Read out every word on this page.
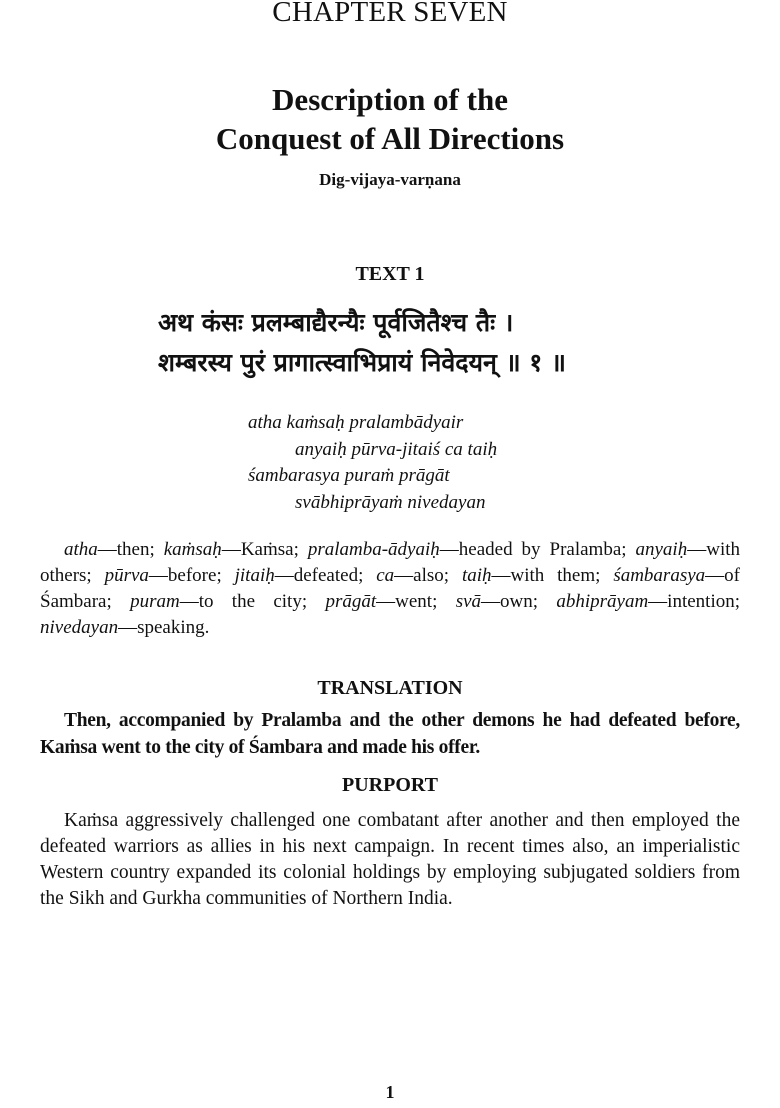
CHAPTER SEVEN
Description of the
Conquest of All Directions
Dig-vijaya-varṇana
TEXT 1
अथ कंसः प्रलम्बाद्यैरन्यैः पूर्वजितैश्च तैः ।
शम्बरस्य पुरं प्रागात्स्वाभिप्रायं निवेदयन् ॥ १ ॥
atha kaṁsaḥ pralambādyair
anyaiḥ pūrva-jitaiś ca taiḥ
śambarasya puraṁ prāgāt
svābhiprāyaṁ nivedayan
atha—then; kaṁsaḥ—Kaṁsa; pralamba-ādyaiḥ—headed by Pralamba; anyaiḥ—with others; pūrva—before; jitaiḥ—defeated; ca—also; taiḥ—with them; śambarasya—of Śambara; puram—to the city; prāgāt—went; svā—own; abhiprāyam—intention; nivedayan—speaking.
TRANSLATION
Then, accompanied by Pralamba and the other demons he had defeated before, Kaṁsa went to the city of Śambara and made his offer.
PURPORT
Kaṁsa aggressively challenged one combatant after another and then employed the defeated warriors as allies in his next campaign. In recent times also, an imperialistic Western country expanded its colonial holdings by employing subjugated soldiers from the Sikh and Gurkha communities of Northern India.
1
